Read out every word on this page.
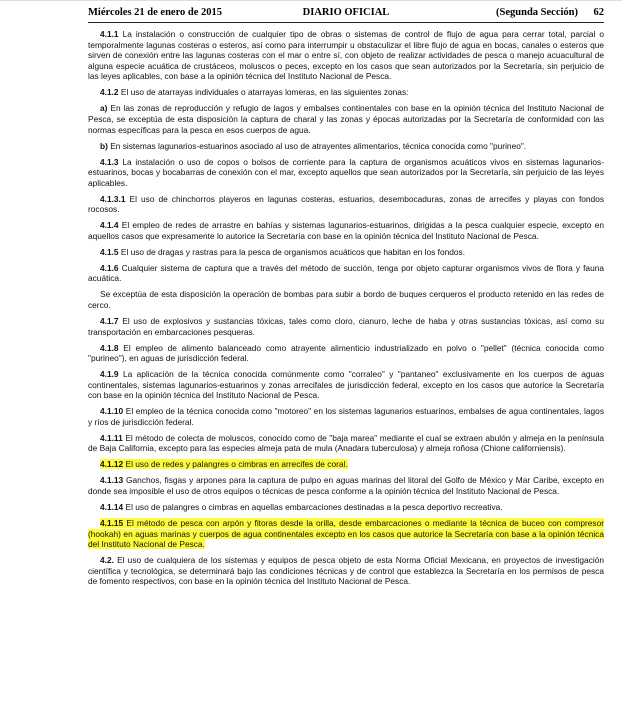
Miércoles 21 de enero de 2015	DIARIO OFICIAL	(Segunda Sección) 62

4.1.1 La instalación o construcción de cualquier tipo de obras o sistemas de control de flujo de agua para cerrar total, parcial o temporalmente lagunas costeras o esteros, así como para interrumpir u obstaculizar el libre flujo de agua en bocas, canales o esteros que sirven de conexión entre las lagunas costeras con el mar o entre sí, con objeto de realizar actividades de pesca o manejo acuacultural de alguna especie acuática de crustáceos, moluscos o peces, excepto en los casos que sean autorizados por la Secretaría, sin perjuicio de las leyes aplicables, con base a la opinión técnica del Instituto Nacional de Pesca.

4.1.2 El uso de atarrayas individuales o atarrayas lomeras, en las siguientes zonas:

a) En las zonas de reproducción y refugio de lagos y embalses continentales con base en la opinión técnica del Instituto Nacional de Pesca, se exceptúa de esta disposición la captura de charal y las zonas y épocas autorizadas por la Secretaría de conformidad con las normas específicas para la pesca en esos cuerpos de agua.

b) En sistemas lagunarios-estuarinos asociado al uso de atrayentes alimentarios, técnica conocida como "purineo".

4.1.3 La instalación o uso de copos o bolsos de corriente para la captura de organismos acuáticos vivos en sistemas lagunarios-estuarinos, bocas y bocabarras de conexión con el mar, excepto aquellos que sean autorizados por la Secretaría, sin perjuicio de las leyes aplicables.

4.1.3.1 El uso de chinchorros playeros en lagunas costeras, estuarios, desembocaduras, zonas de arrecifes y playas con fondos rocosos.

4.1.4 El empleo de redes de arrastre en bahías y sistemas lagunarios-estuarinos, dirigidas a la pesca cualquier especie, excepto en aquellos casos que expresamente lo autorice la Secretaría con base en la opinión técnica del Instituto Nacional de Pesca.

4.1.5 El uso de dragas y rastras para la pesca de organismos acuáticos que habitan en los fondos.

4.1.6 Cualquier sistema de captura que a través del método de succión, tenga por objeto capturar organismos vivos de flora y fauna acuática.

Se exceptúa de esta disposición la operación de bombas para subir a bordo de buques cerqueros el producto retenido en las redes de cerco.

4.1.7 El uso de explosivos y sustancias tóxicas, tales como cloro, cianuro, leche de haba y otras sustancias tóxicas, así como su transportación en embarcaciones pesqueras.

4.1.8 El empleo de alimento balanceado como atrayente alimenticio industrializado en polvo o "pellet" (técnica conocida como "purineo"), en aguas de jurisdicción federal.

4.1.9 La aplicación de la técnica conocida comúnmente como "corraleo" y "pantaneo" exclusivamente en los cuerpos de aguas continentales, sistemas lagunarios-estuarinos y zonas arrecifales de jurisdicción federal, excepto en los casos que autorice la Secretaría con base en la opinión técnica del Instituto Nacional de Pesca.

4.1.10 El empleo de la técnica conocida como "motoreo" en los sistemas lagunarios estuarinos, embalses de agua continentales, lagos y ríos de jurisdicción federal.

4.1.11 El método de colecta de moluscos, conocido como de "baja marea" mediante el cual se extraen abulón y almeja en la península de Baja California, excepto para las especies almeja pata de mula (Anadara tuberculosa) y almeja roñosa (Chione californiensis).

4.1.12 El uso de redes y palangres o cimbras en arrecifes de coral.

4.1.13 Ganchos, fisgas y arpones para la captura de pulpo en aguas marinas del litoral del Golfo de México y Mar Caribe, excepto en donde sea imposible el uso de otros equipos o técnicas de pesca conforme a la opinión técnica del Instituto Nacional de Pesca.

4.1.14 El uso de palangres o cimbras en aquellas embarcaciones destinadas a la pesca deportivo recreativa.

4.1.15 El método de pesca con arpón y fitoras desde la orilla, desde embarcaciones o mediante la técnica de buceo con compresor (hookah) en aguas marinas y cuerpos de agua continentales excepto en los casos que autorice la Secretaría con base a la opinión técnica del Instituto Nacional de Pesca.

4.2. El uso de cualquiera de los sistemas y equipos de pesca objeto de esta Norma Oficial Mexicana, en proyectos de investigación científica y tecnológica, se determinará bajo las condiciones técnicas y de control que establezca la Secretaría en los permisos de pesca de fomento respectivos, con base en la opinión técnica del Instituto Nacional de Pesca.
